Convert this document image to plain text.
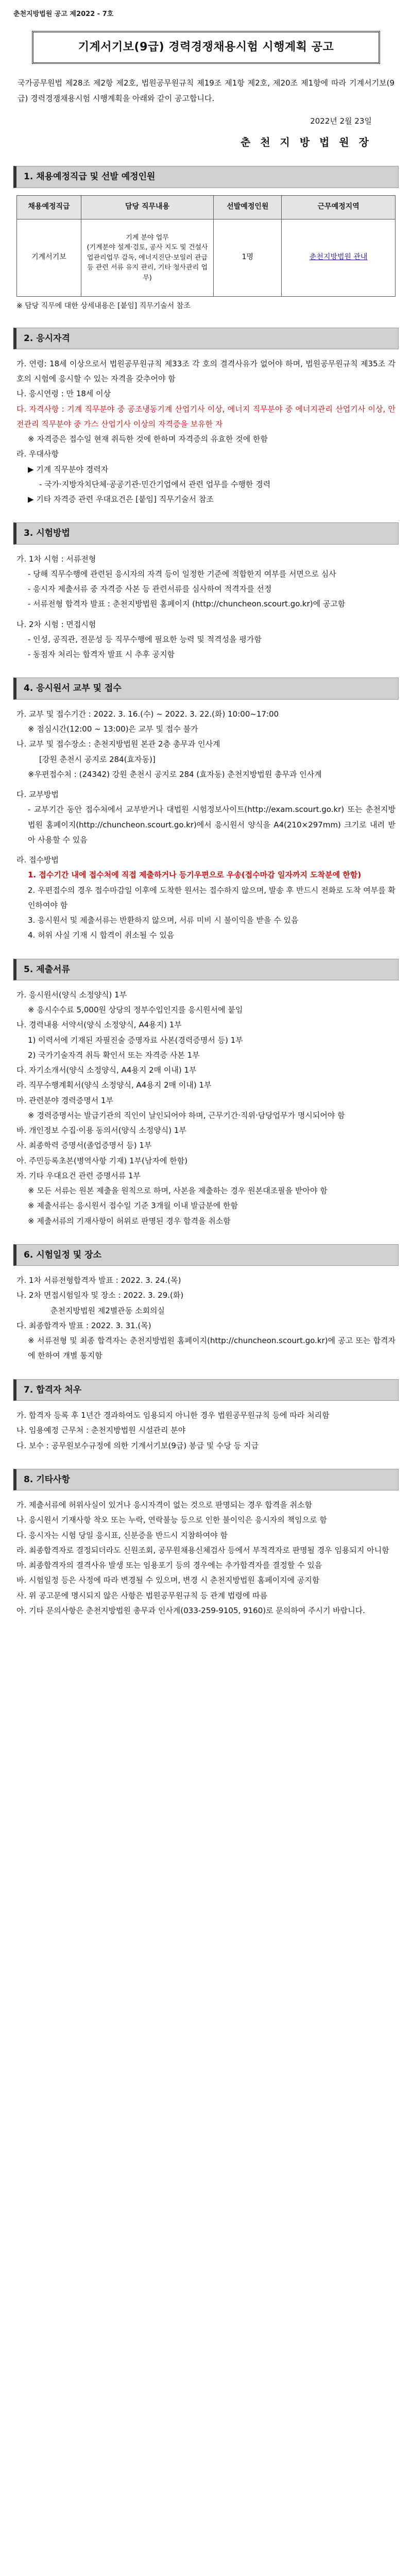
춘천지방법원 공고 제2022 - 7호
기계서기보(9급) 경력경쟁채용시험 시행계획 공고

국가공무원법 제28조 제2항 제2호, 법원공무원규칙 제19조 제1항 제2호, 제20조 제1항에 따라 기계서기보(9급) 경력경쟁채용시험 시행계획을 아래와 같이 공고합니다.

2022년 2월 23일
춘 천 지 방 법 원 장
1. 채용예정직급 및 선발 예정인원
채용예정직급	담당 직무내용	선발예정인원	근무예정지역
기계서기보	기계 분야 업무
(기계분야 설계·검토, 공사 지도 및 건설사업관리업무 감독, 에너지진단·보일러 관급 등 관련 서류 유지 관리, 기타 청사관리 업무)	1명	춘천지방법원 관내

※ 담당 직무에 대한 상세내용은 [붙임] 직무기술서 참조

2. 응시자격

가. 연령: 18세 이상으로서 법원공무원규칙 제33조 각 호의 결격사유가 없어야 하며, 법원공무원규칙 제35조 각 호의 시험에 응시할 수 있는 자격을 갖추어야 함

나. 응시연령 : 만 18세 이상

다. 자격사항 : 기계 직무분야 중 공조냉동기계 산업기사 이상, 에너지 직무분야 중 에너지관리 산업기사 이상, 안전관리 직무분야 중 가스 산업기사 이상의 자격증을 보유한 자

※ 자격증은 접수일 현재 취득한 것에 한하며 자격증의 유효한 것에 한함

라. 우대사항

▶ 기계 직무분야 경력자

- 국가·지방자치단체·공공기관·민간기업에서 관련 업무를 수행한 경력

▶ 기타 자격증 관련 우대요건은 [붙임] 직무기술서 참조

3. 시험방법

가. 1차 시험 : 서류전형

- 당해 직무수행에 관련된 응시자의 자격 등이 일정한 기준에 적합한지 여부를 서면으로 심사

- 응시자 제출서류 중 자격증 사본 등 관련서류를 심사하여 적격자를 선정

- 서류전형 합격자 발표 : 춘천지방법원 홈페이지 (http://chuncheon.scourt.go.kr)에 공고함

나. 2차 시험 : 면접시험

- 인성, 공직관, 전문성 등 직무수행에 필요한 능력 및 적격성을 평가함

- 동점자 처리는 합격자 발표 시 추후 공지함

4. 응시원서 교부 및 접수

가. 교부 및 접수기간 : 2022. 3. 16.(수) ~ 2022. 3. 22.(화) 10:00~17:00

※ 점심시간(12:00 ~ 13:00)은 교부 및 접수 불가

나. 교부 및 접수장소 : 춘천지방법원 본관 2층 총무과 인사계

[강원 춘천시 공지로 284(효자동)]

※우편접수처 : (24342) 강원 춘천시 공지로 284 (효자동) 춘천지방법원 총무과 인사계

다. 교부방법

- 교부기간 동안 접수처에서 교부받거나 대법원 시험정보사이트(http://exam.scourt.go.kr) 또는 춘천지방법원 홈페이지(http://chuncheon.scourt.go.kr)에서 응시원서 양식을 A4(210×297mm) 크기로 내려 받아 사용할 수 있음

라. 접수방법

1. 접수기간 내에 접수처에 직접 제출하거나 등기우편으로 우송(접수마감 일자까지 도착분에 한함)

2. 우편접수의 경우 접수마감일 이후에 도착한 원서는 접수하지 않으며, 발송 후 반드시 전화로 도착 여부를 확인하여야 함

3. 응시원서 및 제출서류는 반환하지 않으며, 서류 미비 시 불이익을 받을 수 있음

4. 허위 사실 기재 시 합격이 취소될 수 있음

5. 제출서류

가. 응시원서(양식 소정양식) 1부

※ 응시수수료 5,000원 상당의 정부수입인지를 응시원서에 붙임

나. 경력내용 서약서(양식 소정양식, A4용지) 1부

1) 이력서에 기재된 자필진술 증명자료 사본(경력증명서 등) 1부

2) 국가기술자격 취득 확인서 또는 자격증 사본 1부

다. 자기소개서(양식 소정양식, A4용지 2매 이내) 1부

라. 직무수행계획서(양식 소정양식, A4용지 2매 이내) 1부

마. 관련분야 경력증명서 1부

※ 경력증명서는 발급기관의 직인이 날인되어야 하며, 근무기간·직위·담당업무가 명시되어야 함

바. 개인정보 수집·이용 동의서(양식 소정양식) 1부

사. 최종학력 증명서(졸업증명서 등) 1부

아. 주민등록초본(병역사항 기재) 1부(남자에 한함)

자. 기타 우대요건 관련 증명서류 1부

※ 모든 서류는 원본 제출을 원칙으로 하며, 사본을 제출하는 경우 원본대조필을 받아야 함

※ 제출서류는 응시원서 접수일 기준 3개월 이내 발급분에 한함

※ 제출서류의 기재사항이 허위로 판명된 경우 합격을 취소함

6. 시험일정 및 장소

가. 1차 서류전형합격자 발표 : 2022. 3. 24.(목)

나. 2차 면접시험일자 및 장소 : 2022. 3. 29.(화)

춘천지방법원 제2별관동 소회의실

다. 최종합격자 발표 : 2022. 3. 31.(목)

※ 서류전형 및 최종 합격자는 춘천지방법원 홈페이지(http://chuncheon.scourt.go.kr)에 공고 또는 합격자에 한하여 개별 통지함

7. 합격자 처우

가. 합격자 등록 후 1년간 경과하여도 임용되지 아니한 경우 법원공무원규칙 등에 따라 처리함

나. 임용예정 근무처 : 춘천지방법원 시설관리 분야

다. 보수 : 공무원보수규정에 의한 기계서기보(9급) 봉급 및 수당 등 지급

8. 기타사항

가. 제출서류에 허위사실이 있거나 응시자격이 없는 것으로 판명되는 경우 합격을 취소함

나. 응시원서 기재사항 착오 또는 누락, 연락불능 등으로 인한 불이익은 응시자의 책임으로 함

다. 응시자는 시험 당일 응시표, 신분증을 반드시 지참하여야 함

라. 최종합격자로 결정되더라도 신원조회, 공무원채용신체검사 등에서 부적격자로 판명될 경우 임용되지 아니함

마. 최종합격자의 결격사유 발생 또는 임용포기 등의 경우에는 추가합격자를 결정할 수 있음

바. 시험일정 등은 사정에 따라 변경될 수 있으며, 변경 시 춘천지방법원 홈페이지에 공지함

사. 위 공고문에 명시되지 않은 사항은 법원공무원규칙 등 관계 법령에 따름

아. 기타 문의사항은 춘천지방법원 총무과 인사계(033-259-9105, 9160)로 문의하여 주시기 바랍니다.
